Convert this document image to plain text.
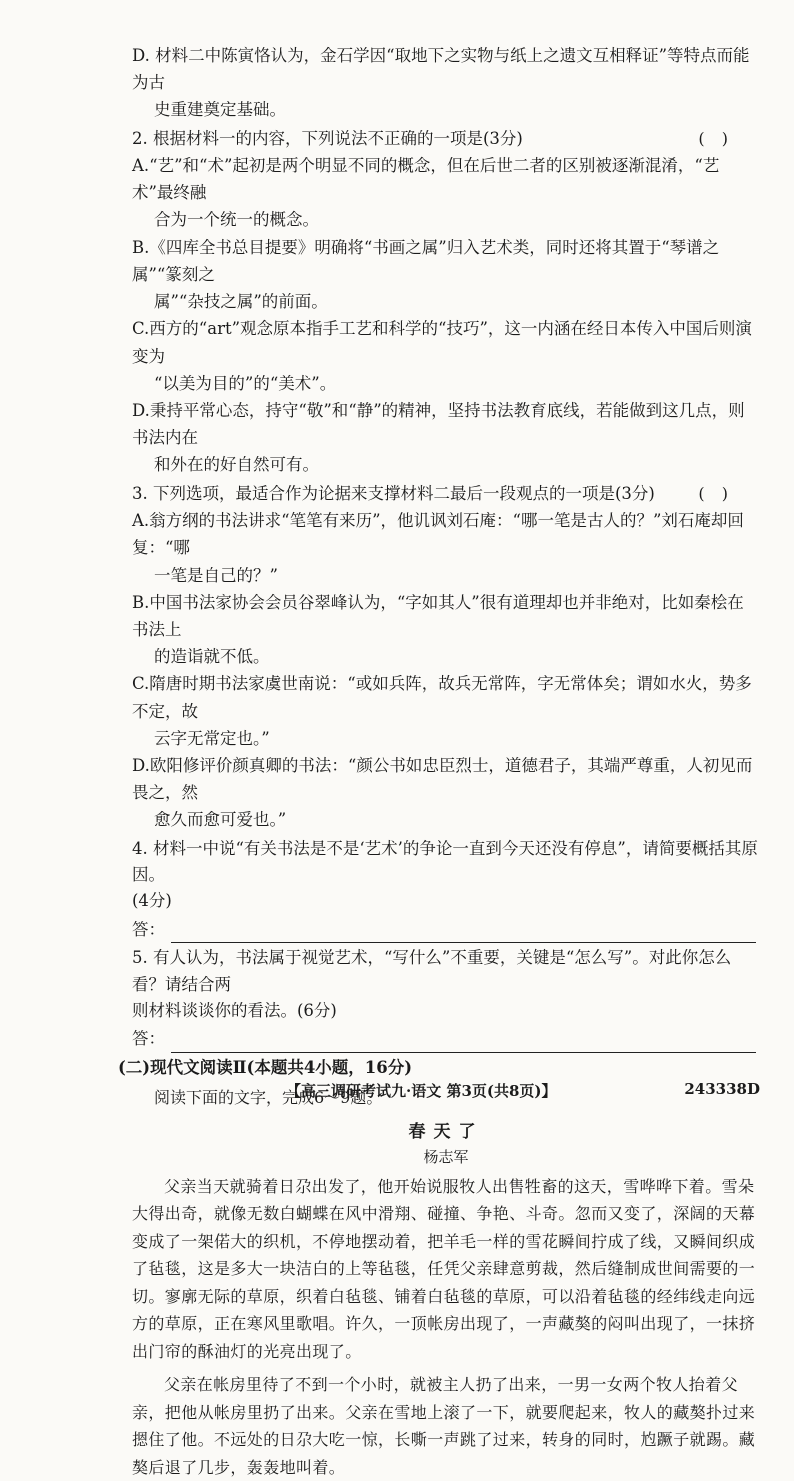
D. 材料二中陈寅恪认为，金石学因“取地下之实物与纸上之遗文互相释证”等特点而能为古
史重建奠定基础。
2. 根据材料一的内容，下列说法不正确的一项是(3分)	( )
A.“艺”和“术”起初是两个明显不同的概念，但在后世二者的区别被逐渐混淆，“艺术”最终融
合为一个统一的概念。
B.《四库全书总目提要》明确将“书画之属”归入艺术类，同时还将其置于“琴谱之属”“篆刻之
属”“杂技之属”的前面。
C.西方的“art”观念原本指手工艺和科学的“技巧”，这一内涵在经日本传入中国后则演变为
“以美为目的”的“美术”。
D.秉持平常心态，持守“敬”和“静”的精神，坚持书法教育底线，若能做到这几点，则书法内在
和外在的好自然可有。
3. 下列选项，最适合作为论据来支撑材料二最后一段观点的一项是(3分)	( )
A.翁方纲的书法讲求“笔笔有来历”，他讥讽刘石庵：“哪一笔是古人的？”刘石庵却回复：“哪
一笔是自己的？”
B.中国书法家协会会员谷翠峰认为，“字如其人”很有道理却也并非绝对，比如秦桧在书法上
的造诣就不低。
C.隋唐时期书法家虞世南说：“或如兵阵，故兵无常阵，字无常体矣；谓如水火，势多不定，故
云字无常定也。”
D.欧阳修评价颜真卿的书法：“颜公书如忠臣烈士，道德君子，其端严尊重，人初见而畏之，然
愈久而愈可爱也。”
4. 材料一中说“有关书法是不是‘艺术’的争论一直到今天还没有停息”，请简要概括其原因。
(4分)
答：
5. 有人认为，书法属于视觉艺术，“写什么”不重要，关键是“怎么写”。对此你怎么看？请结合两
则材料谈谈你的看法。(6分)
答：
(二)现代文阅读Ⅱ(本题共4小题，16分)
阅读下面的文字，完成6～9题。
春天了
杨志军

父亲当天就骑着日尕出发了，他开始说服牧人出售牲畜的这天，雪哗哗下着。雪朵大得出奇，就像无数白蝴蝶在风中滑翔、碰撞、争艳、斗奇。忽而又变了，深阔的天幕变成了一架偌大的织机，不停地摆动着，把羊毛一样的雪花瞬间拧成了线，又瞬间织成了毡毯，这是多大一块洁白的上等毡毯，任凭父亲肆意剪裁，然后缝制成世间需要的一切。寥廓无际的草原，织着白毡毯、铺着白毡毯的草原，可以沿着毡毯的经纬线走向远方的草原，正在寒风里歌唱。许久，一顶帐房出现了，一声藏獒的闷叫出现了，一抹挤出门帘的酥油灯的光亮出现了。

父亲在帐房里待了不到一个小时，就被主人扔了出来，一男一女两个牧人抬着父亲，把他从帐房里扔了出来。父亲在雪地上滚了一下，就要爬起来，牧人的藏獒扑过来摁住了他。不远处的日尕大吃一惊，长嘶一声跳了过来，转身的同时，尥蹶子就踢。藏獒后退了几步，轰轰地叫着。

【高三调研考试九·语文 第3页(共8页)】	243338D
